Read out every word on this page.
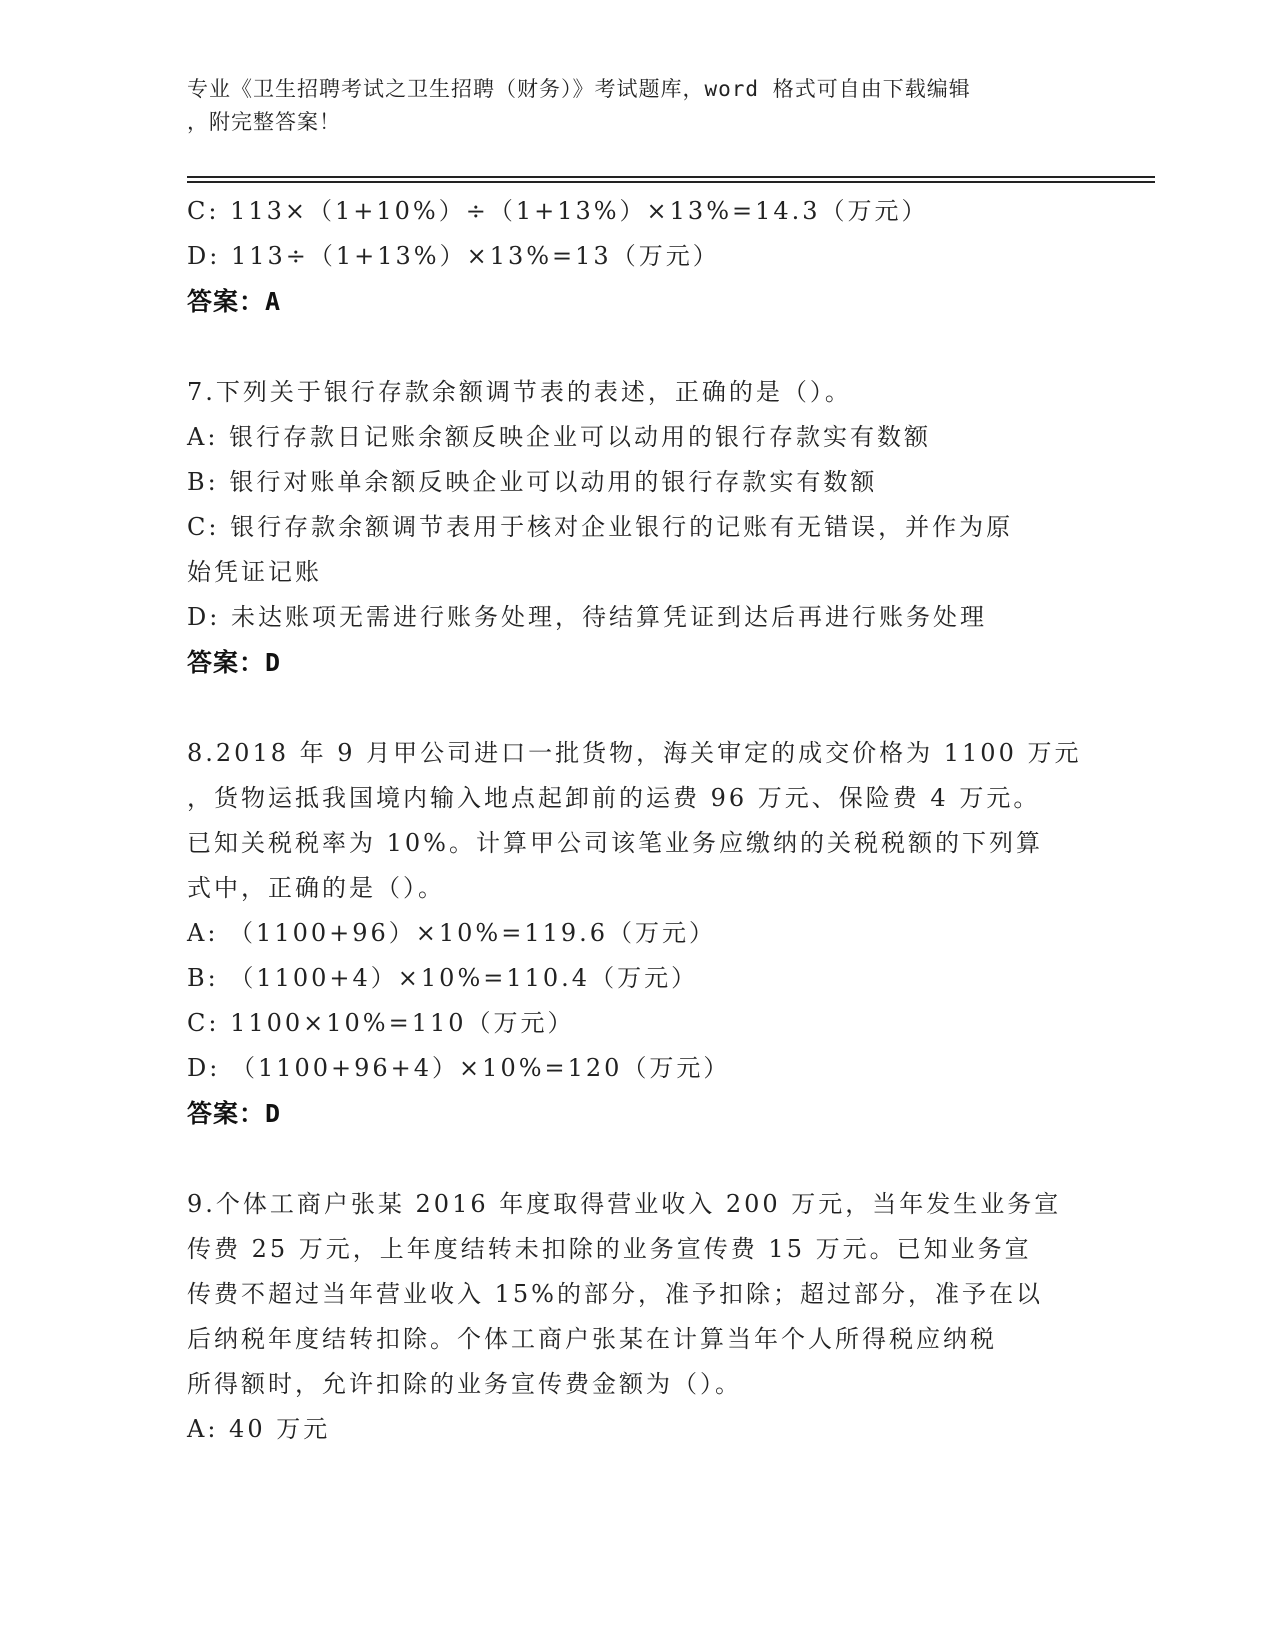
专业《卫生招聘考试之卫生招聘（财务）》考试题库，word 格式可自由下载编辑
，附完整答案！
C: 113×（1+10%）÷（1+13%）×13%=14.3（万元）
D: 113÷（1+13%）×13%=13（万元）
答案：A
7.下列关于银行存款余额调节表的表述，正确的是（）。
A: 银行存款日记账余额反映企业可以动用的银行存款实有数额
B: 银行对账单余额反映企业可以动用的银行存款实有数额
C: 银行存款余额调节表用于核对企业银行的记账有无错误，并作为原
始凭证记账
D: 未达账项无需进行账务处理，待结算凭证到达后再进行账务处理
答案：D
8.2018 年 9 月甲公司进口一批货物，海关审定的成交价格为 1100 万元
，货物运抵我国境内输入地点起卸前的运费 96 万元、保险费 4 万元。
已知关税税率为 10%。计算甲公司该笔业务应缴纳的关税税额的下列算
式中，正确的是（）。
A: （1100+96）×10%=119.6（万元）
B: （1100+4）×10%=110.4（万元）
C: 1100×10%=110（万元）
D: （1100+96+4）×10%=120（万元）
答案：D
9.个体工商户张某 2016 年度取得营业收入 200 万元，当年发生业务宣
传费 25 万元，上年度结转未扣除的业务宣传费 15 万元。已知业务宣
传费不超过当年营业收入 15%的部分，准予扣除；超过部分，准予在以
后纳税年度结转扣除。个体工商户张某在计算当年个人所得税应纳税
所得额时，允许扣除的业务宣传费金额为（）。
A: 40 万元
